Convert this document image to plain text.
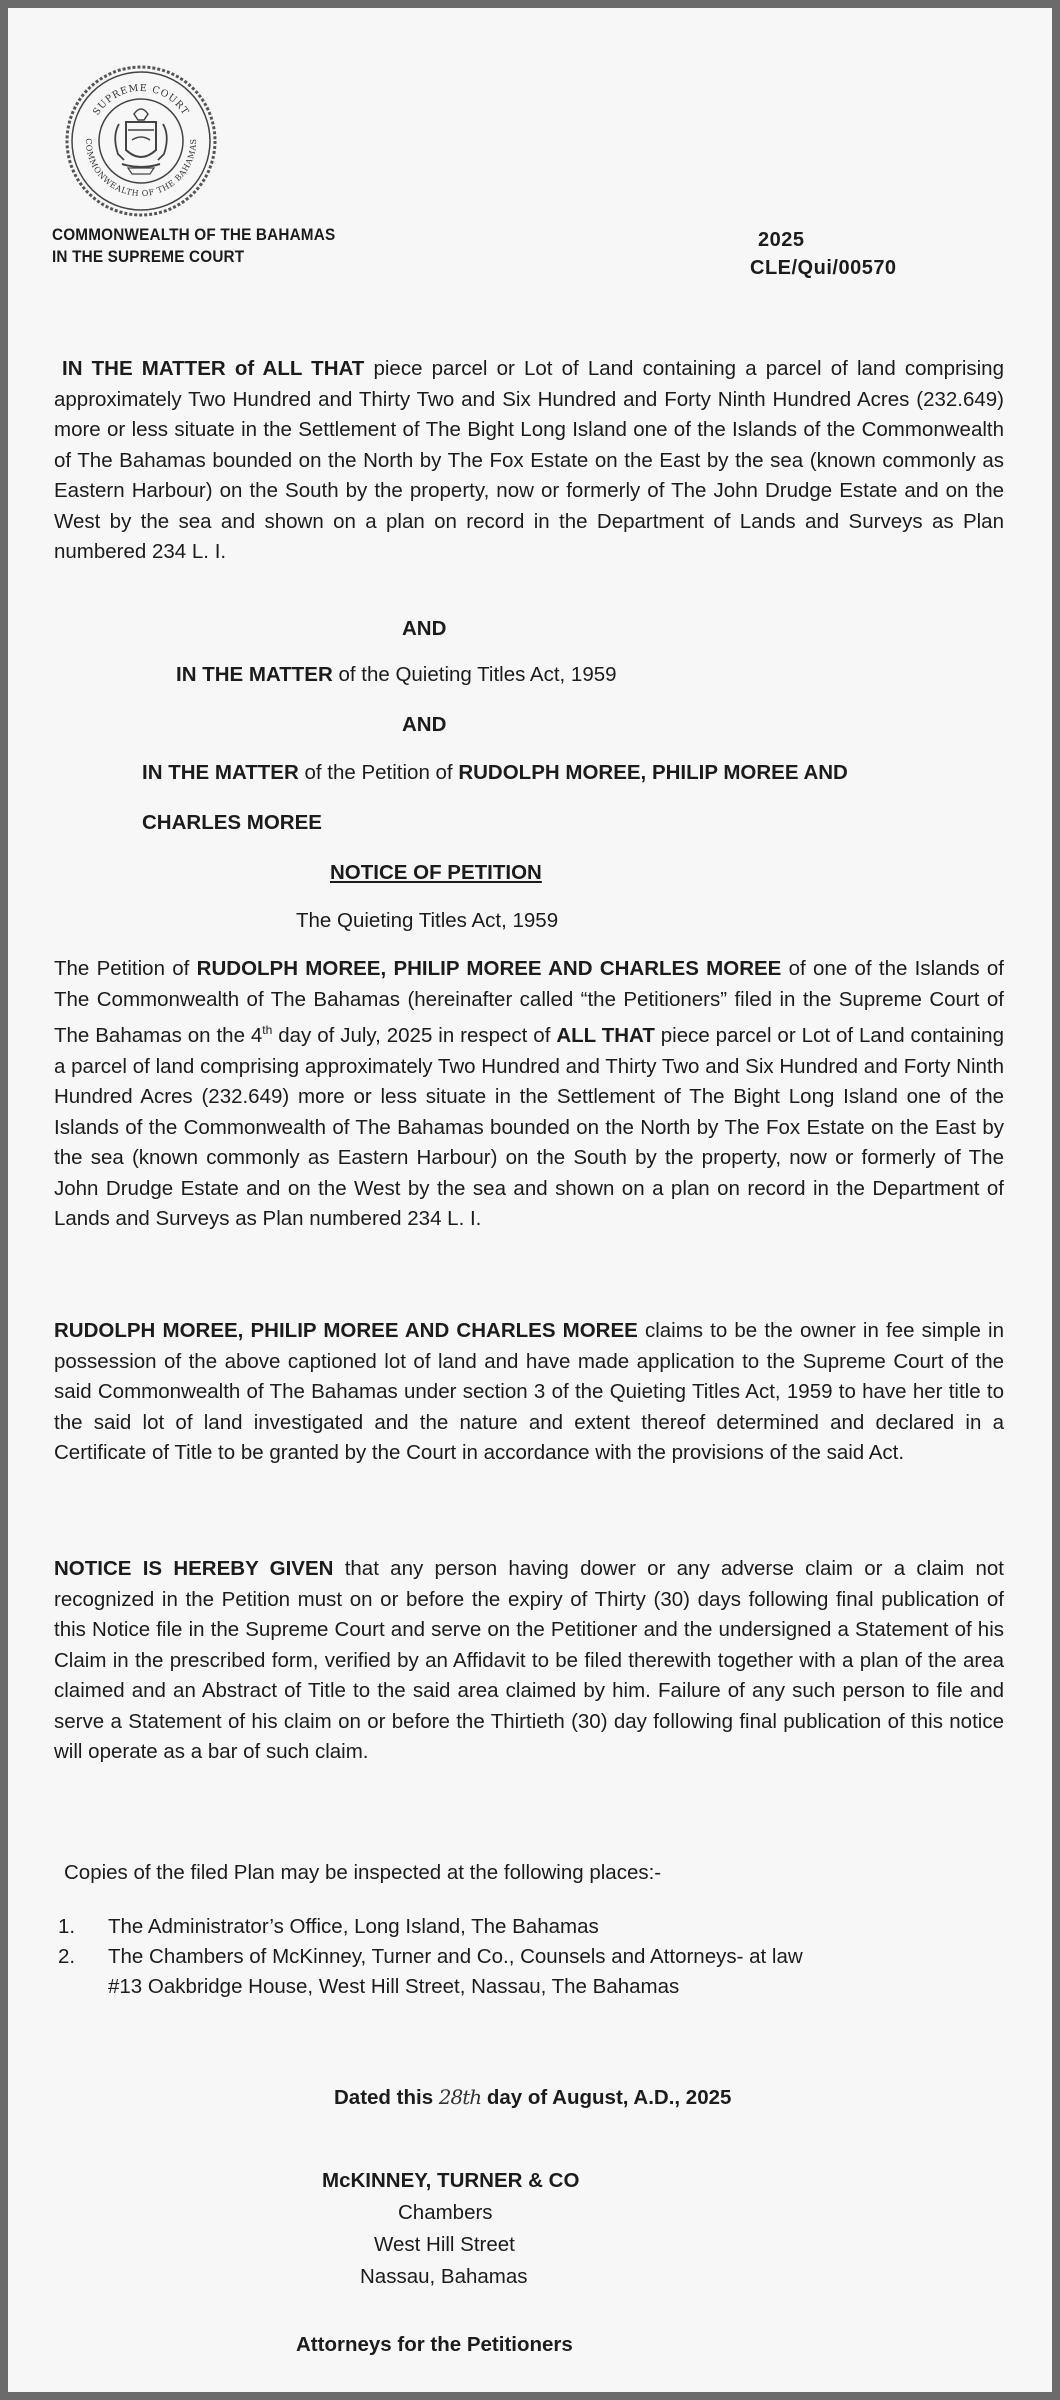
SUPREME COURT
COMMONWEALTH OF THE BAHAMAS
COMMONWEALTH OF THE BAHAMAS
IN THE SUPREME COURT
2025
CLE/Qui/00570
IN THE MATTER of ALL THAT piece parcel or Lot of Land containing a parcel of land comprising approximately Two Hundred and Thirty Two and Six Hundred and Forty Ninth Hundred Acres (232.649) more or less situate in the Settlement of The Bight Long Island one of the Islands of the Commonwealth of The Bahamas bounded on the North by The Fox Estate on the East by the sea (known commonly as Eastern Harbour) on the South by the property, now or formerly of The John Drudge Estate and on the West by the sea and shown on a plan on record in the Department of Lands and Surveys as Plan numbered 234 L. I.
AND
IN THE MATTER of the Quieting Titles Act, 1959
AND
IN THE MATTER of the Petition of RUDOLPH MOREE, PHILIP MOREE AND
CHARLES MOREE
NOTICE OF PETITION
The Quieting Titles Act, 1959
The Petition of RUDOLPH MOREE, PHILIP MOREE AND CHARLES MOREE of one of the Islands of The Commonwealth of The Bahamas (hereinafter called “the Petitioners” filed in the Supreme Court of The Bahamas on the 4th day of July, 2025 in respect of ALL THAT piece parcel or Lot of Land containing a parcel of land comprising approximately Two Hundred and Thirty Two and Six Hundred and Forty Ninth Hundred Acres (232.649) more or less situate in the Settlement of The Bight Long Island one of the Islands of the Commonwealth of The Bahamas bounded on the North by The Fox Estate on the East by the sea (known commonly as Eastern Harbour) on the South by the property, now or formerly of The John Drudge Estate and on the West by the sea and shown on a plan on record in the Department of Lands and Surveys as Plan numbered 234 L. I.
RUDOLPH MOREE, PHILIP MOREE AND CHARLES MOREE claims to be the owner in fee simple in possession of the above captioned lot of land and have made application to the Supreme Court of the said Commonwealth of The Bahamas under section 3 of the Quieting Titles Act, 1959 to have her title to the said lot of land investigated and the nature and extent thereof determined and declared in a Certificate of Title to be granted by the Court in accordance with the provisions of the said Act.
NOTICE IS HEREBY GIVEN that any person having dower or any adverse claim or a claim not recognized in the Petition must on or before the expiry of Thirty (30) days following final publication of this Notice file in the Supreme Court and serve on the Petitioner and the undersigned a Statement of his Claim in the prescribed form, verified by an Affidavit to be filed therewith together with a plan of the area claimed and an Abstract of Title to the said area claimed by him. Failure of any such person to file and serve a Statement of his claim on or before the Thirtieth (30) day following final publication of this notice will operate as a bar of such claim.
Copies of the filed Plan may be inspected at the following places:-
1. The Administrator’s Office, Long Island, The Bahamas
2. The Chambers of McKinney, Turner and Co., Counsels and Attorneys- at law
#13 Oakbridge House, West Hill Street, Nassau, The Bahamas
Dated this 28th day of August, A.D., 2025
McKINNEY, TURNER & CO
Chambers
West Hill Street
Nassau, Bahamas
Attorneys for the Petitioners
